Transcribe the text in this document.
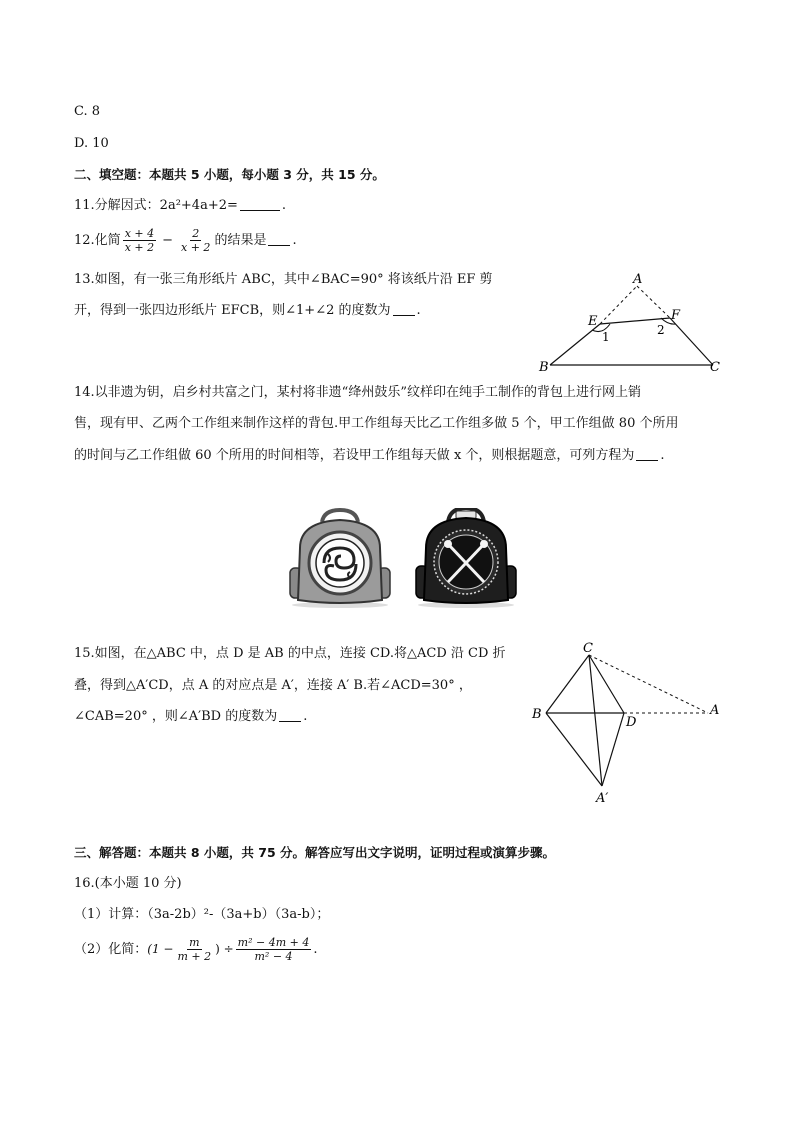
C. 8
D. 10
二、填空题：本题共 5 小题，每小题 3 分，共 15 分。
11.分解因式：2a²+4a+2=	.
12.化简 $\frac{x + 4}{x + 2} - \frac{2}{x + 2}$ 的结果是 .
13.如图，有一张三角形纸片 ABC，其中∠BAC=90° 将该纸片沿 EF 剪
开，得到一张四边形纸片 EFCB，则∠1+∠2 的度数为 .
A
E	F
B	C
1	2
14.以非遗为钥，启乡村共富之门，某村将非遗“绛州鼓乐”纹样印在纯手工制作的背包上进行网上销
售，现有甲、乙两个工作组来制作这样的背包.甲工作组每天比乙工作组多做 5 个，甲工作组做 80 个所用
的时间与乙工作组做 60 个所用的时间相等，若设甲工作组每天做 x 个，则根据题意，可列方程为 .
15.如图，在△ABC 中，点 D 是 AB 的中点，连接 CD.将△ACD 沿 CD 折
叠，得到△A′CD，点 A 的对应点是 A′，连接 A′ B.若∠ACD=30° ，
∠CAB=20° ，则∠A′BD 的度数为 .
C
B
D
A
A′
三、解答题：本题共 8 小题，共 75 分。解答应写出文字说明，证明过程或演算步骤。
16.(本小题 10 分)
（1）计算：（3a-2b）²-（3a+b）（3a-b）；
（2）化简：($1 - \frac{m}{m + 2}$ ) ÷ $\frac{\text{m² − 4m + 4}}{\text{m² − 4}}$ .
